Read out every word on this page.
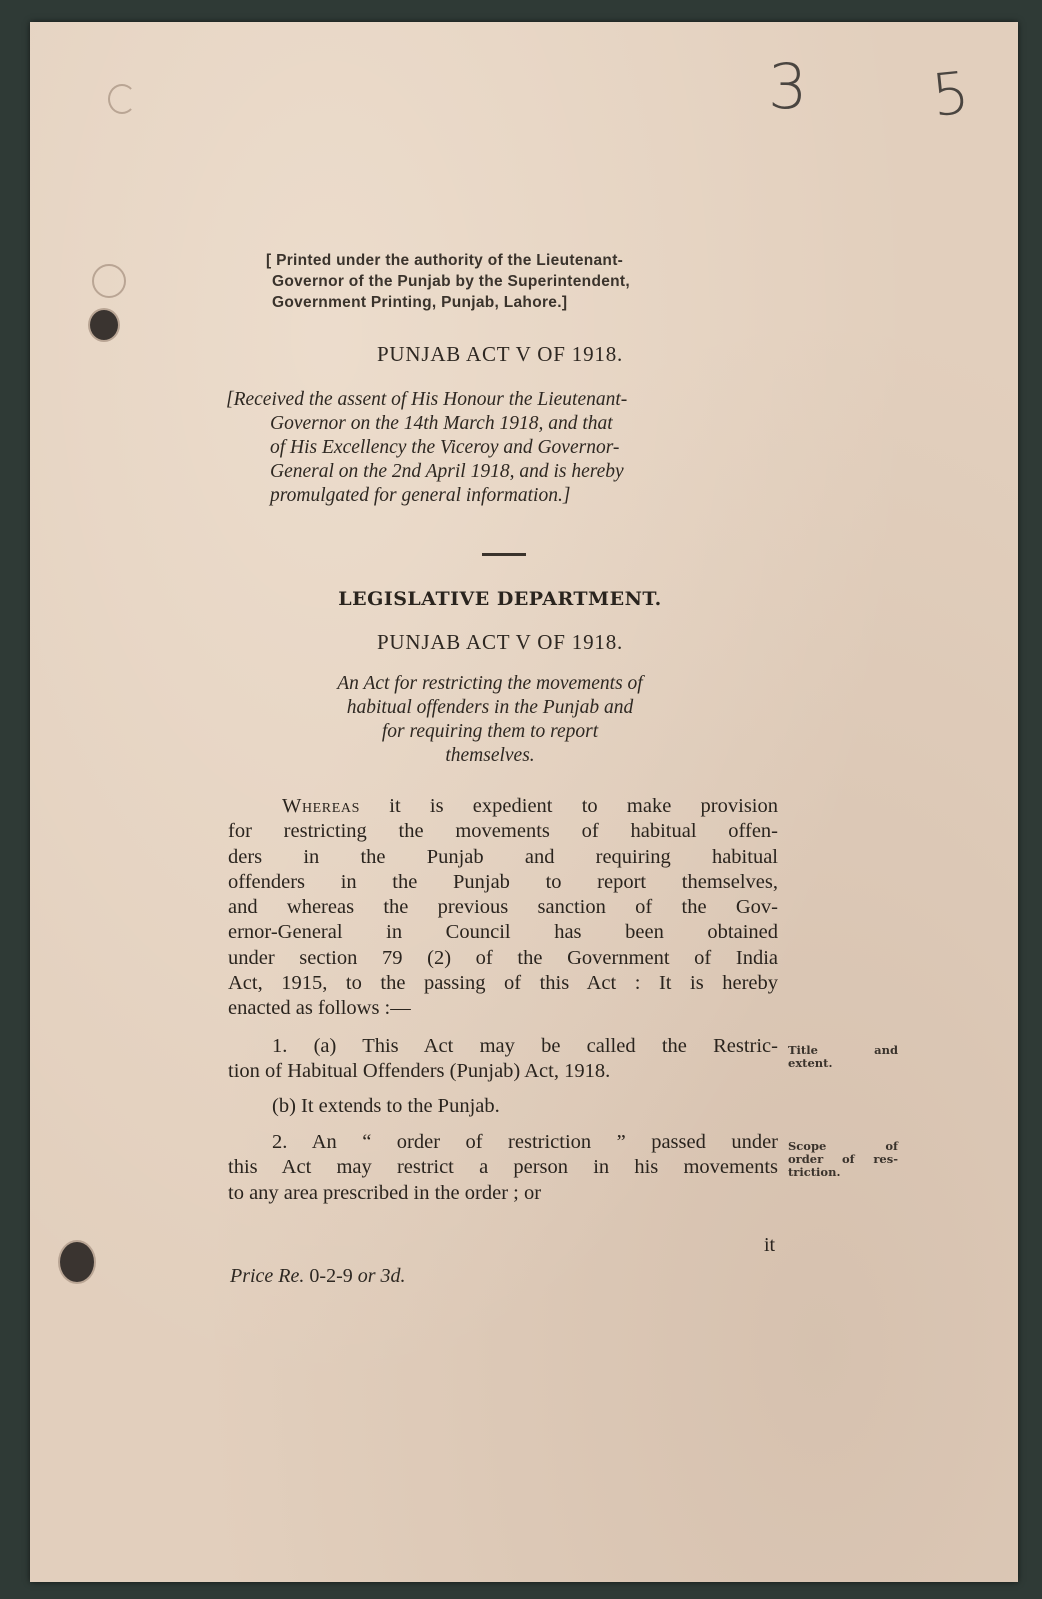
3 5
[ Printed under the authority of the Lieutenant-
Governor of the Punjab by the Superintendent,
Government Printing, Punjab, Lahore.]
PUNJAB ACT V OF 1918.
[Received the assent of His Honour the Lieutenant-
Governor on the 14th March 1918, and that
of His Excellency the Viceroy and Governor-
General on the 2nd April 1918, and is hereby
promulgated for general information.]
LEGISLATIVE DEPARTMENT.
PUNJAB ACT V OF 1918.
An Act for restricting the movements of
habitual offenders in the Punjab and
for requiring them to report
themselves.
Whereas it is expedient to make provision
for restricting the movements of habitual offen-
ders in the Punjab and requiring habitual
offenders in the Punjab to report themselves,
and whereas the previous sanction of the Gov-
ernor-General in Council has been obtained
under section 79 (2) of the Government of India
Act, 1915, to the passing of this Act : It is hereby
enacted as follows :—
1. (a) This Act may be called the Restric-
tion of Habitual Offenders (Punjab) Act, 1918.
Title and
extent.
(b) It extends to the Punjab.
2. An “ order of restriction ” passed under
this Act may restrict a person in his movements
to any area prescribed in the order ; or
Scope of
order of res-
triction.
it
Price Re. 0-2-9 or 3d.
